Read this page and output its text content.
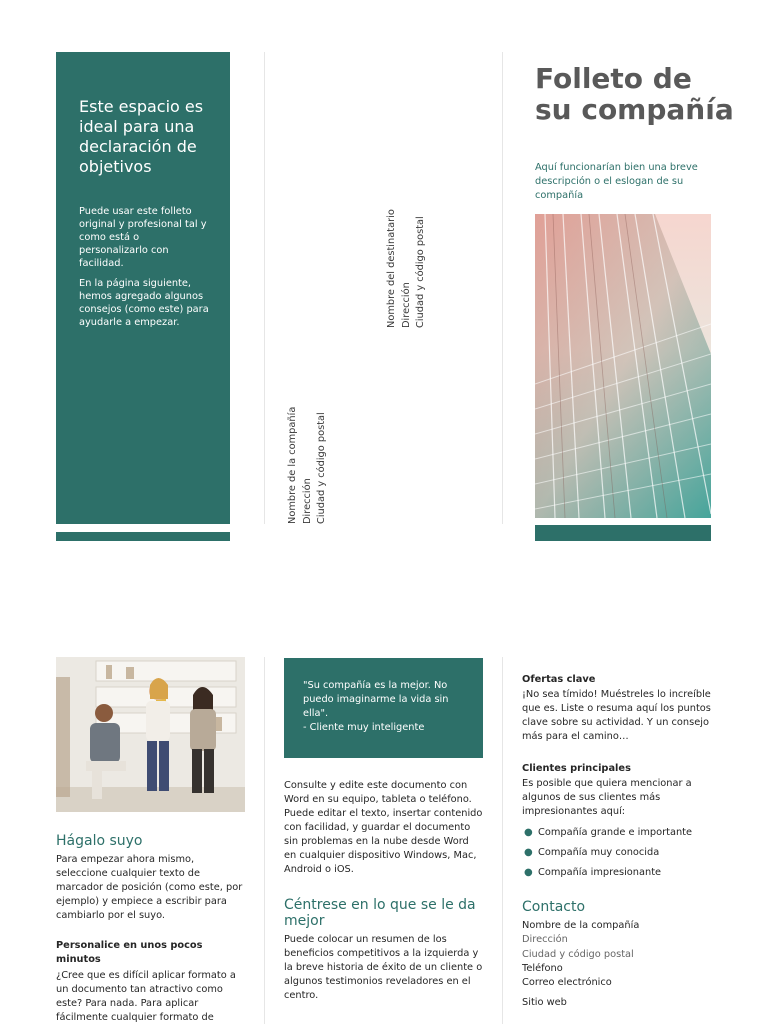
Este espacio es ideal para una declaración de objetivos
Puede usar este folleto original y profesional tal y como está o personalizarlo con facilidad.
En la página siguiente, hemos agregado algunos consejos (como este) para ayudarle a empezar.
Nombre de la compañía Dirección Ciudad y código postal
Nombre del destinatario Dirección Ciudad y código postal
Folleto de su compañía
Aquí funcionarían bien una breve descripción o el eslogan de su compañía
Hágalo suyo
Para empezar ahora mismo, seleccione cualquier texto de marcador de posición (como este, por ejemplo) y empiece a escribir para cambiarlo por el suyo.
Personalice en unos pocos minutos
¿Cree que es difícil aplicar formato a un documento tan atractivo como este? Para nada. Para aplicar fácilmente cualquier formato de
"Su compañía es la mejor. No puedo imaginarme la vida sin ella".
- Cliente muy inteligente
Consulte y edite este documento con Word en su equipo, tableta o teléfono. Puede editar el texto, insertar contenido con facilidad, y guardar el documento sin problemas en la nube desde Word en cualquier dispositivo Windows, Mac, Android o iOS.
Céntrese en lo que se le da mejor
Puede colocar un resumen de los beneficios competitivos a la izquierda y la breve historia de éxito de un cliente o algunos testimonios reveladores en el centro.
Ofertas clave
¡No sea tímido! Muéstreles lo increíble que es. Liste o resuma aquí los puntos clave sobre su actividad. Y un consejo más para el camino…
Clientes principales
Es posible que quiera mencionar a algunos de sus clientes más impresionantes aquí:
● Compañía grande e importante
● Compañía muy conocida
● Compañía impresionante
Contacto
Nombre de la compañía
Dirección
Ciudad y código postal
Teléfono
Correo electrónico
Sitio web
